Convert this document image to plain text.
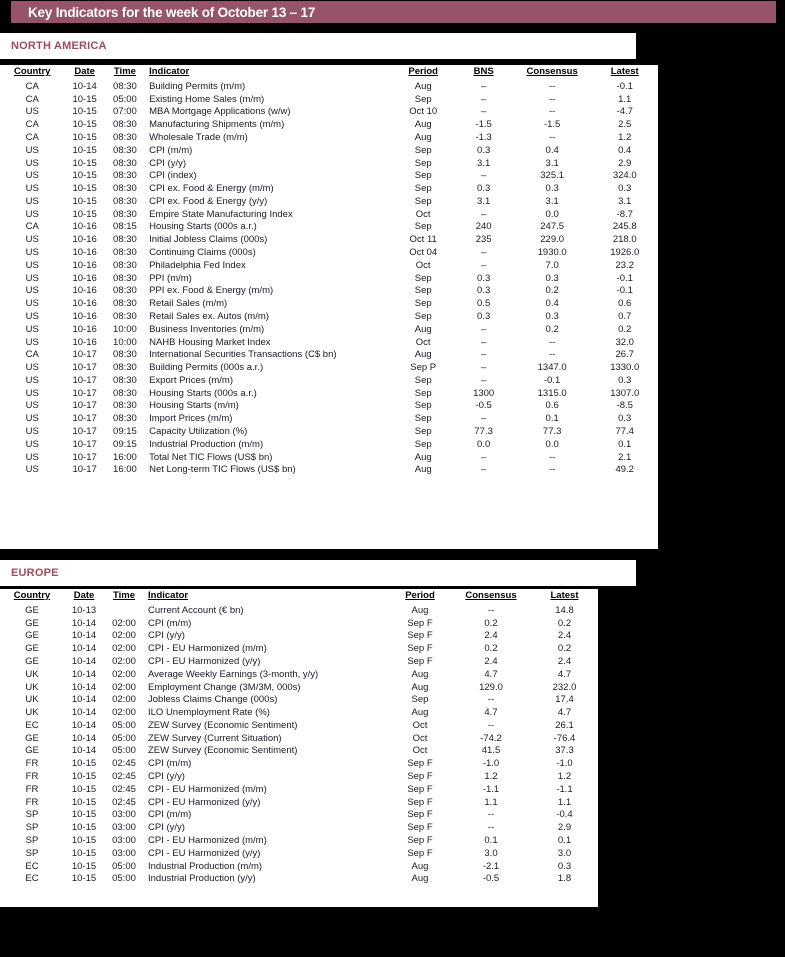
Key Indicators for the week of October 13 – 17
NORTH AMERICA
Country	Date	Time	Indicator	Period	BNS	Consensus	Latest
CA	10-14	08:30	Building Permits (m/m)	Aug	–	--	-0.1
CA	10-15	05:00	Existing Home Sales (m/m)	Sep	–	--	1.1
US	10-15	07:00	MBA Mortgage Applications (w/w)	Oct 10	–	--	-4.7
CA	10-15	08:30	Manufacturing Shipments (m/m)	Aug	-1.5	-1.5	2.5
CA	10-15	08:30	Wholesale Trade (m/m)	Aug	-1.3	--	1.2
US	10-15	08:30	CPI (m/m)	Sep	0.3	0.4	0.4
US	10-15	08:30	CPI (y/y)	Sep	3.1	3.1	2.9
US	10-15	08:30	CPI (index)	Sep	–	325.1	324.0
US	10-15	08:30	CPI ex. Food & Energy (m/m)	Sep	0.3	0.3	0.3
US	10-15	08:30	CPI ex. Food & Energy (y/y)	Sep	3.1	3.1	3.1
US	10-15	08:30	Empire State Manufacturing Index	Oct	–	0.0	-8.7
CA	10-16	08:15	Housing Starts (000s a.r.)	Sep	240	247.5	245.8
US	10-16	08:30	Initial Jobless Claims (000s)	Oct 11	235	229.0	218.0
US	10-16	08:30	Continuing Claims (000s)	Oct 04	–	1930.0	1926.0
US	10-16	08:30	Philadelphia Fed Index	Oct	–	7.0	23.2
US	10-16	08:30	PPI (m/m)	Sep	0.3	0.3	-0.1
US	10-16	08:30	PPI ex. Food & Energy (m/m)	Sep	0.3	0.2	-0.1
US	10-16	08:30	Retail Sales (m/m)	Sep	0.5	0.4	0.6
US	10-16	08:30	Retail Sales ex. Autos (m/m)	Sep	0.3	0.3	0.7
US	10-16	10:00	Business Inventories (m/m)	Aug	–	0.2	0.2
US	10-16	10:00	NAHB Housing Market Index	Oct	–	--	32.0
CA	10-17	08:30	International Securities Transactions (C$ bn)	Aug	–	--	26.7
US	10-17	08:30	Building Permits (000s a.r.)	Sep P	–	1347.0	1330.0
US	10-17	08:30	Export Prices (m/m)	Sep	–	-0.1	0.3
US	10-17	08:30	Housing Starts (000s a.r.)	Sep	1300	1315.0	1307.0
US	10-17	08:30	Housing Starts (m/m)	Sep	-0.5	0.6	-8.5
US	10-17	08:30	Import Prices (m/m)	Sep	–	0.1	0.3
US	10-17	09:15	Capacity Utilization (%)	Sep	77.3	77.3	77.4
US	10-17	09:15	Industrial Production (m/m)	Sep	0.0	0.0	0.1
US	10-17	16:00	Total Net TIC Flows (US$ bn)	Aug	–	--	2.1
US	10-17	16:00	Net Long-term TIC Flows (US$ bn)	Aug	–	--	49.2
EUROPE
Country	Date	Time	Indicator	Period	Consensus	Latest
GE	10-13		Current Account (€ bn)	Aug	--	14.8
GE	10-14	02:00	CPI (m/m)	Sep F	0.2	0.2
GE	10-14	02:00	CPI (y/y)	Sep F	2.4	2.4
GE	10-14	02:00	CPI - EU Harmonized (m/m)	Sep F	0.2	0.2
GE	10-14	02:00	CPI - EU Harmonized (y/y)	Sep F	2.4	2.4
UK	10-14	02:00	Average Weekly Earnings (3-month, y/y)	Aug	4.7	4.7
UK	10-14	02:00	Employment Change (3M/3M, 000s)	Aug	129.0	232.0
UK	10-14	02:00	Jobless Claims Change (000s)	Sep	--	17.4
UK	10-14	02:00	ILO Unemployment Rate (%)	Aug	4.7	4.7
EC	10-14	05:00	ZEW Survey (Economic Sentiment)	Oct	--	26.1
GE	10-14	05:00	ZEW Survey (Current Situation)	Oct	-74.2	-76.4
GE	10-14	05:00	ZEW Survey (Economic Sentiment)	Oct	41.5	37.3
FR	10-15	02:45	CPI (m/m)	Sep F	-1.0	-1.0
FR	10-15	02:45	CPI (y/y)	Sep F	1.2	1.2
FR	10-15	02:45	CPI - EU Harmonized (m/m)	Sep F	-1.1	-1.1
FR	10-15	02:45	CPI - EU Harmonized (y/y)	Sep F	1.1	1.1
SP	10-15	03:00	CPI (m/m)	Sep F	--	-0.4
SP	10-15	03:00	CPI (y/y)	Sep F	--	2.9
SP	10-15	03:00	CPI - EU Harmonized (m/m)	Sep F	0.1	0.1
SP	10-15	03:00	CPI - EU Harmonized (y/y)	Sep F	3.0	3.0
EC	10-15	05:00	Industrial Production (m/m)	Aug	-2.1	0.3
EC	10-15	05:00	Industrial Production (y/y)	Aug	-0.5	1.8
